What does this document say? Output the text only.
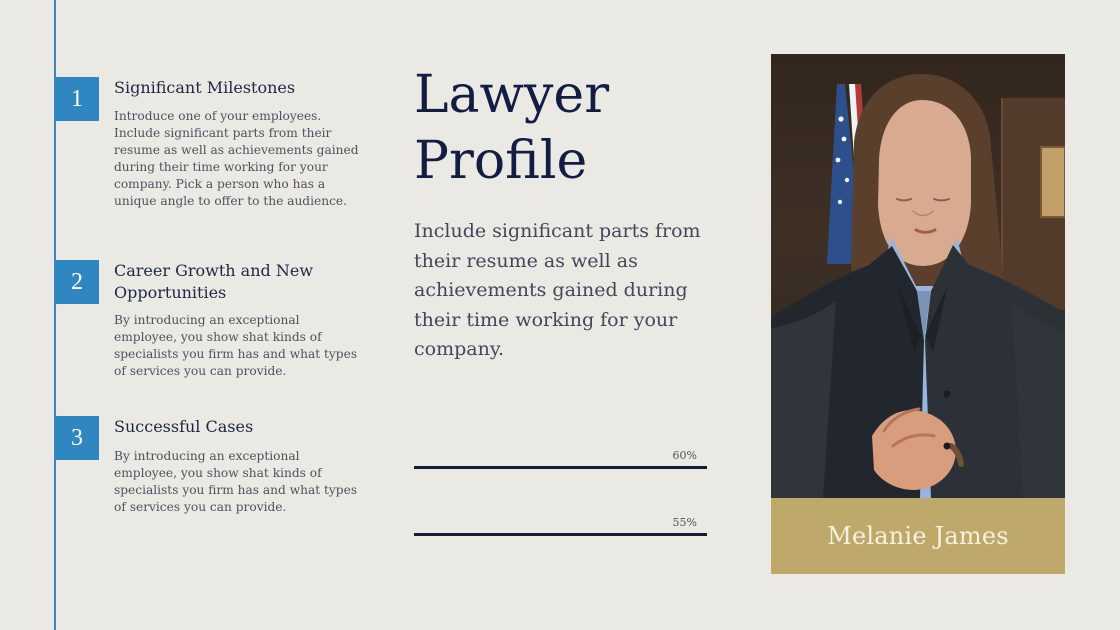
1	Significant Milestones
Introduce one of your employees. Include significant parts from their resume as well as achievements gained during their time working for your company. Pick a person who has a unique angle to offer to the audience.
2	Career Growth and New Opportunities
By introducing an exceptional employee, you show shat kinds of specialists you firm has and what types of services you can provide.
3	Successful Cases
By introducing an exceptional employee, you show shat kinds of specialists you firm has and what types of services you can provide.
Lawyer
Profile
Include significant parts from their resume as well as achievements gained during their time working for your company.
60%
55%	Melanie James
